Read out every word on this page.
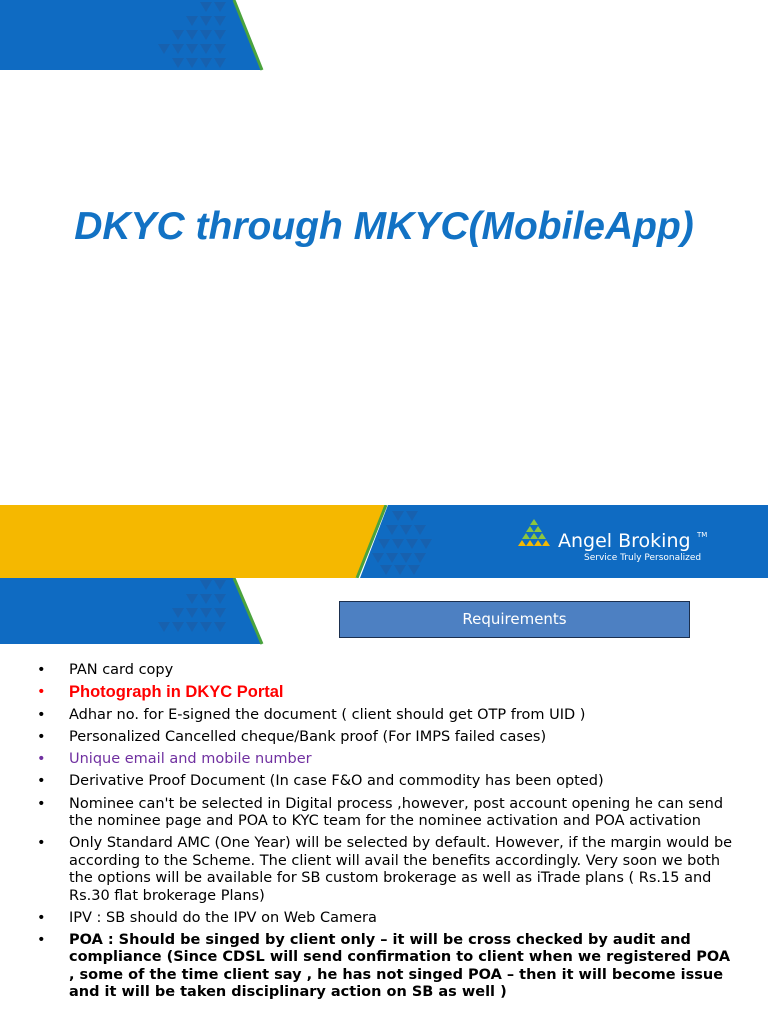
DKYC through MKYC(MobileApp)
Angel Broking TM
Service Truly Personalized
Requirements
• PAN card copy
• Photograph in DKYC Portal
• Adhar no. for E-signed the document ( client should get OTP from UID )
• Personalized Cancelled cheque/Bank proof (For IMPS failed cases)
• Unique email and mobile number
• Derivative Proof Document (In case F&O and commodity has been opted)
• Nominee can't be selected in Digital process ,however, post account opening he can send the nominee page and POA to KYC team for the nominee activation and POA activation
• Only Standard AMC (One Year) will be selected by default. However, if the margin would be according to the Scheme. The client will avail the benefits accordingly. Very soon we both the options will be available for SB custom brokerage as well as iTrade plans ( Rs.15 and Rs.30 flat brokerage Plans)
• IPV : SB should do the IPV on Web Camera
• POA : Should be singed by client only – it will be cross checked by audit and compliance (Since CDSL will send confirmation to client when we registered POA , some of the time client say , he has not singed POA – then it will become issue and it will be taken disciplinary action on SB as well )
